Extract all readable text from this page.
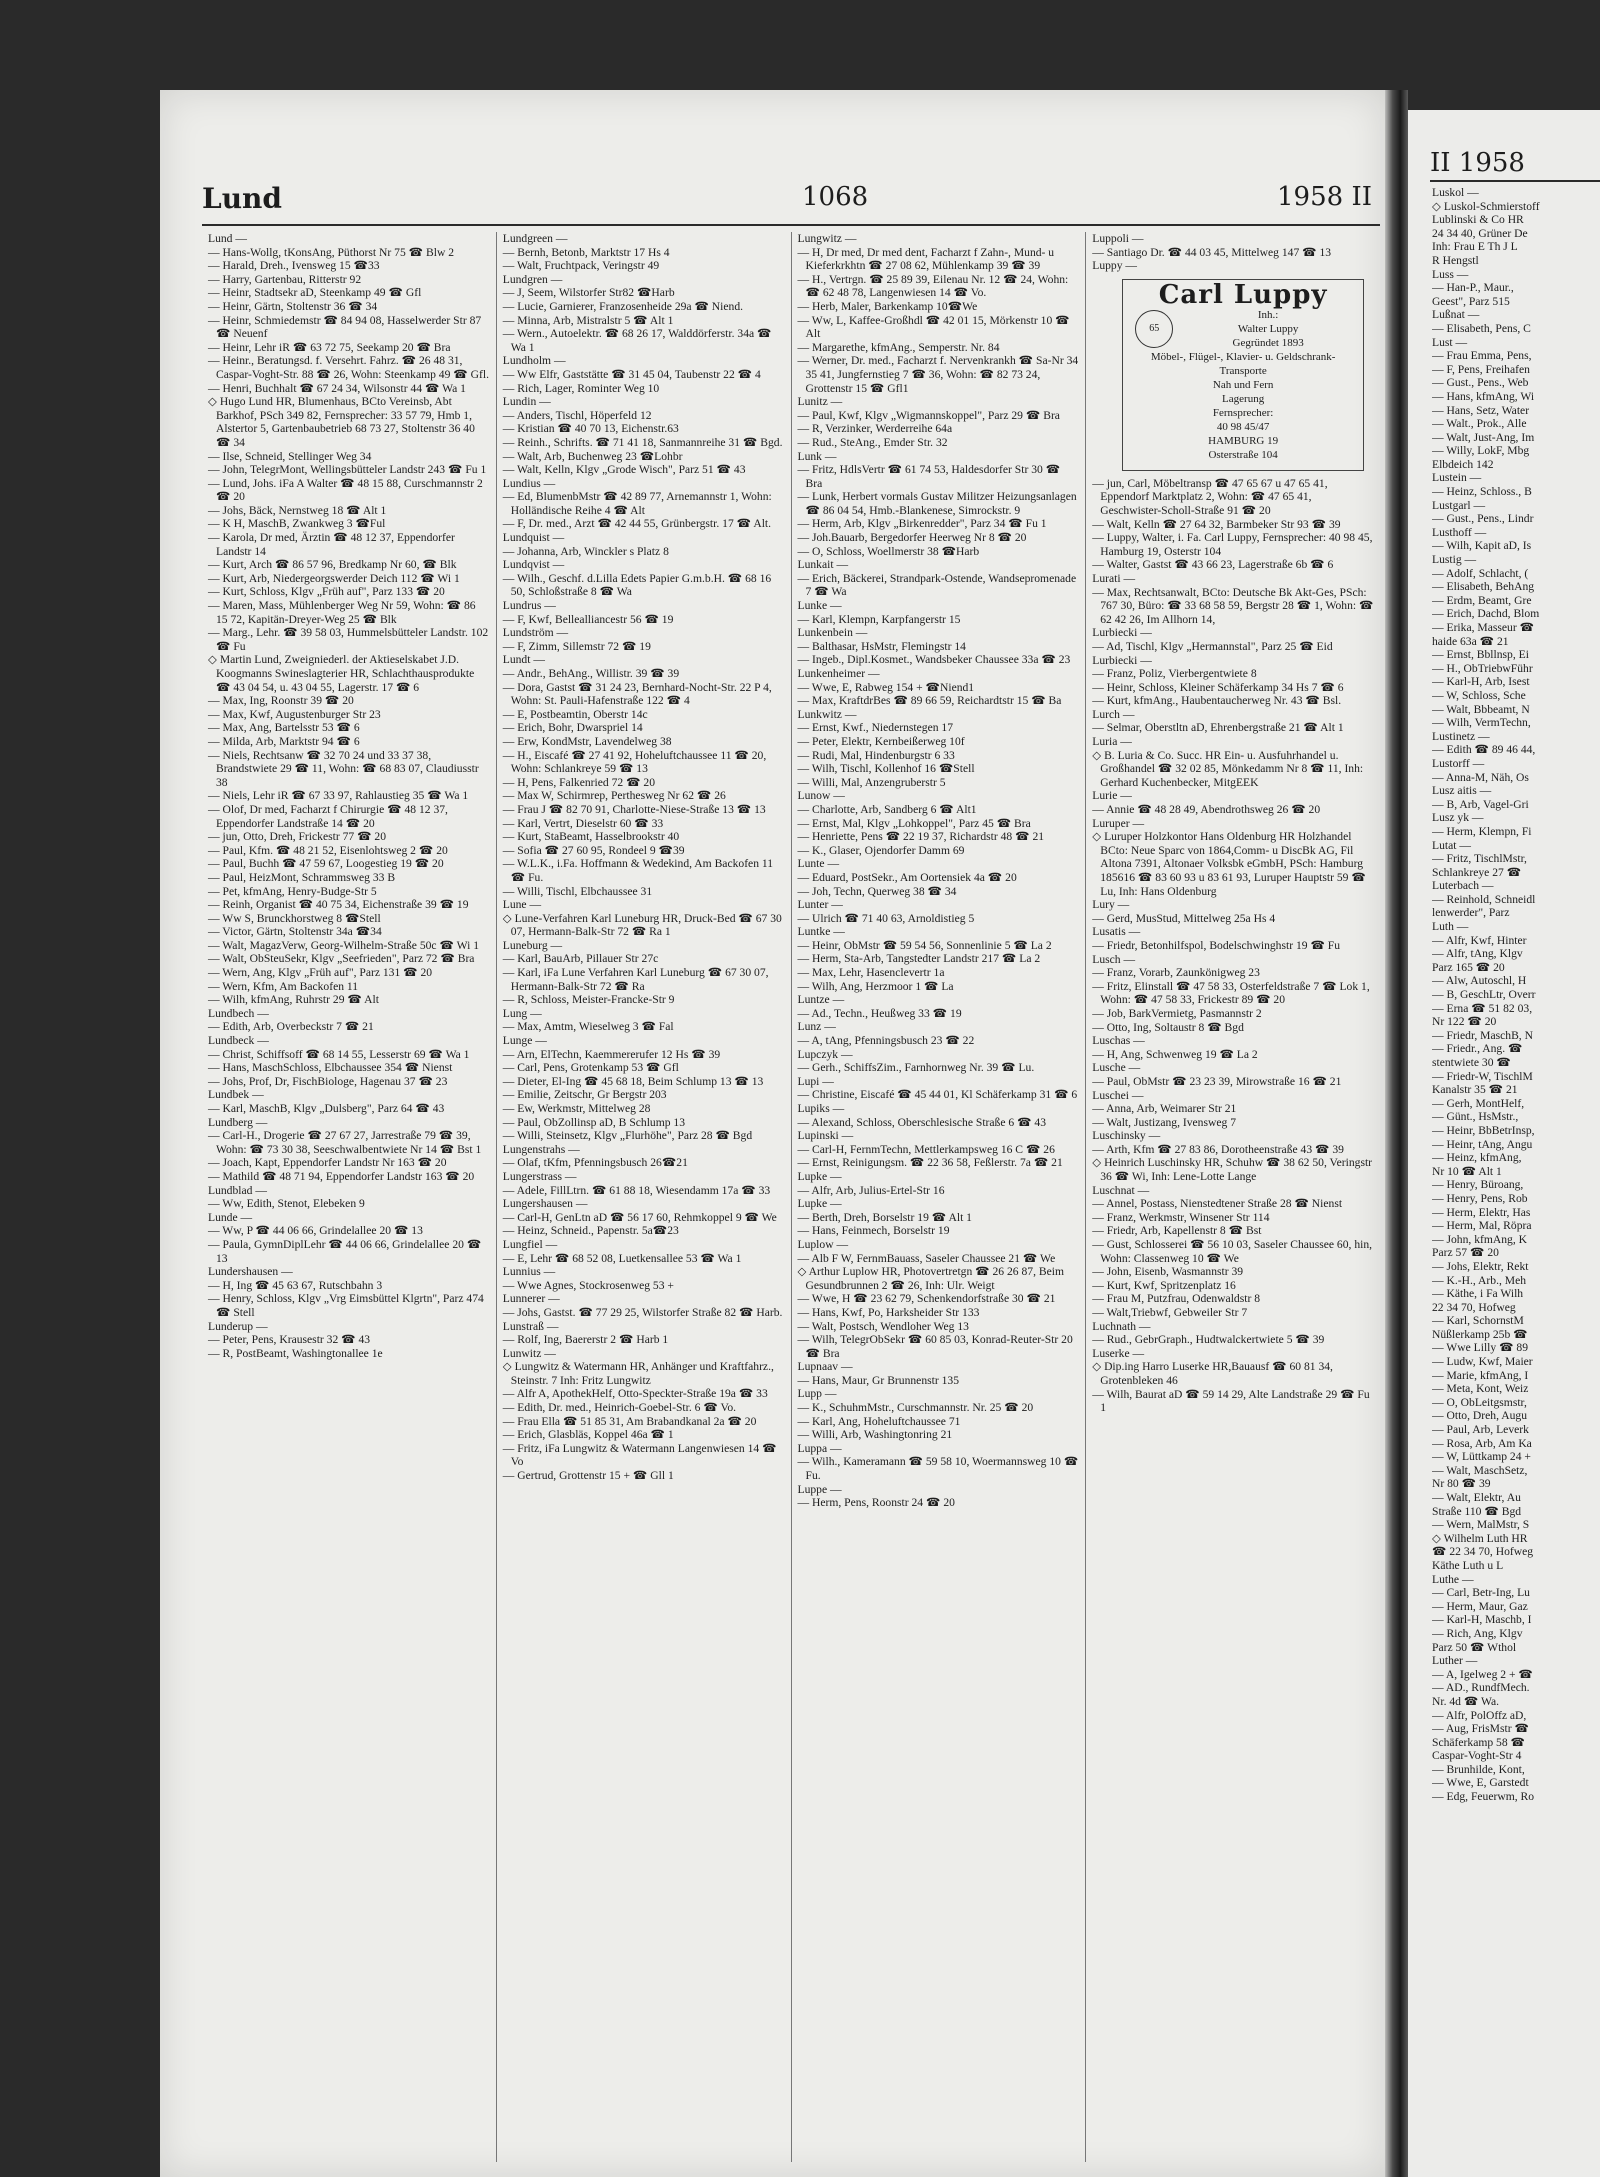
Lund	1068	1958 II

Lund —

— Hans-Wollg, tKonsAng, Püthorst Nr 75 ☎ Blw 2

— Harald, Dreh., Ivensweg 15 ☎33

— Harry, Gartenbau, Ritterstr 92

— Heinr, Stadtsekr aD, Steenkamp 49 ☎ Gfl

— Heinr, Gärtn, Stoltenstr 36 ☎ 34

— Heinr, Schmiedemstr ☎ 84 94 08, Hasselwerder Str 87 ☎ Neuenf

— Heinr, Lehr iR ☎ 63 72 75, Seekamp 20 ☎ Bra

— Heinr., Beratungsd. f. Versehrt. Fahrz. ☎ 26 48 31, Caspar-Voght-Str. 88 ☎ 26, Wohn: Steenkamp 49 ☎ Gfl.

— Henri, Buchhalt ☎ 67 24 34, Wilsonstr 44 ☎ Wa 1

◇ Hugo Lund HR, Blumenhaus, BCto Vereinsb, Abt Barkhof, PSch 349 82, Fernsprecher: 33 57 79, Hmb 1, Alstertor 5, Gartenbaubetrieb 68 73 27, Stoltenstr 36 40 ☎ 34

— Ilse, Schneid, Stellinger Weg 34

— John, TelegrMont, Wellingsbütteler Landstr 243 ☎ Fu 1

— Lund, Johs. iFa A Walter ☎ 48 15 88, Curschmannstr 2 ☎ 20

— Johs, Bäck, Nernstweg 18 ☎ Alt 1

— K H, MaschB, Zwankweg 3 ☎Ful

— Karola, Dr med, Ärztin ☎ 48 12 37, Eppendorfer Landstr 14

— Kurt, Arch ☎ 86 57 96, Bredkamp Nr 60, ☎ Blk

— Kurt, Arb, Niedergeorgswerder Deich 112 ☎ Wi 1

— Kurt, Schloss, Klgv „Früh auf", Parz 133 ☎ 20

— Maren, Mass, Mühlenberger Weg Nr 59, Wohn: ☎ 86 15 72, Kapitän-Dreyer-Weg 25 ☎ Blk

— Marg., Lehr. ☎ 39 58 03, Hummelsbütteler Landstr. 102 ☎ Fu

◇ Martin Lund, Zweigniederl. der Aktieselskabet J.D. Koogmanns Swineslagterier HR, Schlachthausprodukte ☎ 43 04 54, u. 43 04 55, Lagerstr. 17 ☎ 6

— Max, Ing, Roonstr 39 ☎ 20

— Max, Kwf, Augustenburger Str 23

— Max, Ang, Bartelsstr 53 ☎ 6

— Milda, Arb, Marktstr 94 ☎ 6

— Niels, Rechtsanw ☎ 32 70 24 und 33 37 38, Brandstwiete 29 ☎ 11, Wohn: ☎ 68 83 07, Claudiusstr 38

— Niels, Lehr iR ☎ 67 33 97, Rahlaustieg 35 ☎ Wa 1

— Olof, Dr med, Facharzt f Chirurgie ☎ 48 12 37, Eppendorfer Landstraße 14 ☎ 20

— jun, Otto, Dreh, Frickestr 77 ☎ 20

— Paul, Kfm. ☎ 48 21 52, Eisenlohtsweg 2 ☎ 20

— Paul, Buchh ☎ 47 59 67, Loogestieg 19 ☎ 20

— Paul, HeizMont, Schrammsweg 33 B

— Pet, kfmAng, Henry-Budge-Str 5

— Reinh, Organist ☎ 40 75 34, Eichenstraße 39 ☎ 19

— Ww S, Brunckhorstweg 8 ☎Stell

— Victor, Gärtn, Stoltenstr 34a ☎34

— Walt, MagazVerw, Georg-Wilhelm-Straße 50c ☎ Wi 1

— Walt, ObSteuSekr, Klgv „Seefrieden", Parz 72 ☎ Bra

— Wern, Ang, Klgv „Früh auf", Parz 131 ☎ 20

— Wern, Kfm, Am Backofen 11

— Wilh, kfmAng, Ruhrstr 29 ☎ Alt

Lundbech —

— Edith, Arb, Overbeckstr 7 ☎ 21

Lundbeck —

— Christ, Schiffsoff ☎ 68 14 55, Lesserstr 69 ☎ Wa 1

— Hans, MaschSchloss, Elbchaussee 354 ☎ Nienst

— Johs, Prof, Dr, FischBiologe, Hagenau 37 ☎ 23

Lundbek —

— Karl, MaschB, Klgv „Dulsberg", Parz 64 ☎ 43

Lundberg —

— Carl-H., Drogerie ☎ 27 67 27, Jarrestraße 79 ☎ 39, Wohn: ☎ 73 30 38, Seeschwalbentwiete Nr 14 ☎ Bst 1

— Joach, Kapt, Eppendorfer Landstr Nr 163 ☎ 20

— Mathild ☎ 48 71 94, Eppendorfer Landstr 163 ☎ 20

Lundblad —

— Ww, Edith, Stenot, Elebeken 9

Lunde —

— Ww, P ☎ 44 06 66, Grindelallee 20 ☎ 13

— Paula, GymnDiplLehr ☎ 44 06 66, Grindelallee 20 ☎ 13

Lundershausen —

— H, Ing ☎ 45 63 67, Rutschbahn 3

— Henry, Schloss, Klgv „Vrg Eimsbüttel Klgrtn", Parz 474 ☎ Stell

Lunderup —

— Peter, Pens, Krausestr 32 ☎ 43

— R, PostBeamt, Washingtonallee 1e

Lundgreen —

— Bernh, Betonb, Marktstr 17 Hs 4

— Walt, Fruchtpack, Veringstr 49

Lundgren —

— J, Seem, Wilstorfer Str82 ☎Harb

— Lucie, Garnierer, Franzosenheide 29a ☎ Niend.

— Minna, Arb, Mistralstr 5 ☎ Alt 1

— Wern., Autoelektr. ☎ 68 26 17, Walddörferstr. 34a ☎ Wa 1

Lundholm —

— Ww Elfr, Gaststätte ☎ 31 45 04, Taubenstr 22 ☎ 4

— Rich, Lager, Rominter Weg 10

Lundin —

— Anders, Tischl, Höperfeld 12

— Kristian ☎ 40 70 13, Eichenstr.63

— Reinh., Schrifts. ☎ 71 41 18, Sanmannreihe 31 ☎ Bgd.

— Walt, Arb, Buchenweg 23 ☎Lohbr

— Walt, Kelln, Klgv „Grode Wisch", Parz 51 ☎ 43

Lundius —

— Ed, BlumenbMstr ☎ 42 89 77, Arnemannstr 1, Wohn: Holländische Reihe 4 ☎ Alt

— F, Dr. med., Arzt ☎ 42 44 55, Grünbergstr. 17 ☎ Alt.

Lundquist —

— Johanna, Arb, Winckler s Platz 8

Lundqvist —

— Wilh., Geschf. d.Lilla Edets Papier G.m.b.H. ☎ 68 16 50, Schloßstraße 8 ☎ Wa

Lundrus —

— F, Kwf, Bellealliancestr 56 ☎ 19

Lundström —

— F, Zimm, Sillemstr 72 ☎ 19

Lundt —

— Andr., BehAng., Willistr. 39 ☎ 39

— Dora, Gastst ☎ 31 24 23, Bernhard-Nocht-Str. 22 P 4, Wohn: St. Pauli-Hafenstraße 122 ☎ 4

— E, Postbeamtin, Oberstr 14c

— Erich, Bohr, Dwarspriel 14

— Erw, KondMstr, Lavendelweg 38

— H., Eiscafé ☎ 27 41 92, Hoheluftchaussee 11 ☎ 20, Wohn: Schlankreye 59 ☎ 13

— H, Pens, Falkenried 72 ☎ 20

— Max W, Schirmrep, Perthesweg Nr 62 ☎ 26

— Frau J ☎ 82 70 91, Charlotte-Niese-Straße 13 ☎ 13

— Karl, Vertrt, Dieselstr 60 ☎ 33

— Kurt, StaBeamt, Hasselbrookstr 40

— Sofia ☎ 27 60 95, Rondeel 9 ☎39

— W.L.K., i.Fa. Hoffmann & Wedekind, Am Backofen 11 ☎ Fu.

— Willi, Tischl, Elbchaussee 31

Lune —

◇ Lune-Verfahren Karl Luneburg HR, Druck-Bed ☎ 67 30 07, Hermann-Balk-Str 72 ☎ Ra 1

Luneburg —

— Karl, BauArb, Pillauer Str 27c

— Karl, iFa Lune Verfahren Karl Luneburg ☎ 67 30 07, Hermann-Balk-Str 72 ☎ Ra

— R, Schloss, Meister-Francke-Str 9

Lung —

— Max, Amtm, Wieselweg 3 ☎ Fal

Lunge —

— Arn, ElTechn, Kaemmererufer 12 Hs ☎ 39

— Carl, Pens, Grotenkamp 53 ☎ Gfl

— Dieter, El-Ing ☎ 45 68 18, Beim Schlump 13 ☎ 13

— Emilie, Zeitschr, Gr Bergstr 203

— Ew, Werkmstr, Mittelweg 28

— Paul, ObZollinsp aD, B Schlump 13

— Willi, Steinsetz, Klgv „Flurhöhe", Parz 28 ☎ Bgd

Lungenstrahs —

— Olaf, tKfm, Pfenningsbusch 26☎21

Lungerstrass —

— Adele, FillLtrn. ☎ 61 88 18, Wiesendamm 17a ☎ 33

Lungershausen —

— Carl-H, GenLtn aD ☎ 56 17 60, Rehmkoppel 9 ☎ We

— Heinz, Schneid., Papenstr. 5a☎23

Lungfiel —

— E, Lehr ☎ 68 52 08, Luetkensallee 53 ☎ Wa 1

Lunnius —

— Wwe Agnes, Stockrosenweg 53 +

Lunnerer —

— Johs, Gastst. ☎ 77 29 25, Wilstorfer Straße 82 ☎ Harb.

Lunstraß —

— Rolf, Ing, Baererstr 2 ☎ Harb 1

Lunwitz —

◇ Lungwitz & Watermann HR, Anhänger und Kraftfahrz., Steinstr. 7 Inh: Fritz Lungwitz

— Alfr A, ApothekHelf, Otto-Speckter-Straße 19a ☎ 33

— Edith, Dr. med., Heinrich-Goebel-Str. 6 ☎ Vo.

— Frau Ella ☎ 51 85 31, Am Brabandkanal 2a ☎ 20

— Erich, Glasbläs, Koppel 46a ☎ 1

— Fritz, iFa Lungwitz & Watermann Langenwiesen 14 ☎ Vo

— Gertrud, Grottenstr 15 + ☎ Gll 1

Lungwitz —

— H, Dr med, Dr med dent, Facharzt f Zahn-, Mund- u Kieferkrkhtn ☎ 27 08 62, Mühlenkamp 39 ☎ 39

— H., Vertrgn. ☎ 25 89 39, Eilenau Nr. 12 ☎ 24, Wohn: ☎ 62 48 78, Langenwiesen 14 ☎ Vo.

— Herb, Maler, Barkenkamp 10☎We

— Ww, L, Kaffee-Großhdl ☎ 42 01 15, Mörkenstr 10 ☎ Alt

— Margarethe, kfmAng., Semperstr. Nr. 84

— Werner, Dr. med., Facharzt f. Nervenkrankh ☎ Sa-Nr 34 35 41, Jungfernstieg 7 ☎ 36, Wohn: ☎ 82 73 24, Grottenstr 15 ☎ Gfl1

Lunitz —

— Paul, Kwf, Klgv „Wigmannskoppel", Parz 29 ☎ Bra

— R, Verzinker, Werderreihe 64a

— Rud., SteAng., Emder Str. 32

Lunk —

— Fritz, HdlsVertr ☎ 61 74 53, Haldesdorfer Str 30 ☎ Bra

— Lunk, Herbert vormals Gustav Militzer Heizungsanlagen ☎ 86 04 54, Hmb.-Blankenese, Simrockstr. 9

— Herm, Arb, Klgv „Birkenredder", Parz 34 ☎ Fu 1

— Joh.Bauarb, Bergedorfer Heerweg Nr 8 ☎ 20

— O, Schloss, Woellmerstr 38 ☎Harb

Lunkait —

— Erich, Bäckerei, Strandpark-Ostende, Wandsepromenade 7 ☎ Wa

Lunke —

— Karl, Klempn, Karpfangerstr 15

Lunkenbein —

— Balthasar, HsMstr, Flemingstr 14

— Ingeb., Dipl.Kosmet., Wandsbeker Chaussee 33a ☎ 23

Lunkenheimer —

— Wwe, E, Rabweg 154 + ☎Niend1

— Max, KraftdrBes ☎ 89 66 59, Reichardtstr 15 ☎ Ba

Lunkwitz —

— Ernst, Kwf., Niedernstegen 17

— Peter, Elektr, Kernbeißerweg 10f

— Rudi, Mal, Hindenburgstr 6 33

— Wilh, Tischl, Kollenhof 16 ☎Stell

— Willi, Mal, Anzengruberstr 5

Lunow —

— Charlotte, Arb, Sandberg 6 ☎ Alt1

— Ernst, Mal, Klgv „Lohkoppel", Parz 45 ☎ Bra

— Henriette, Pens ☎ 22 19 37, Richardstr 48 ☎ 21

— K., Glaser, Ojendorfer Damm 69

Lunte —

— Eduard, PostSekr., Am Oortensiek 4a ☎ 20

— Joh, Techn, Querweg 38 ☎ 34

Lunter —

— Ulrich ☎ 71 40 63, Arnoldistieg 5

Luntke —

— Heinr, ObMstr ☎ 59 54 56, Sonnenlinie 5 ☎ La 2

— Herm, Sta-Arb, Tangstedter Landstr 217 ☎ La 2

— Max, Lehr, Hasenclevertr 1a

— Wilh, Ang, Herzmoor 1 ☎ La

Luntze —

— Ad., Techn., Heußweg 33 ☎ 19

Lunz —

— A, tAng, Pfenningsbusch 23 ☎ 22

Lupczyk —

— Gerh., SchiffsZim., Farnhornweg Nr. 39 ☎ Lu.

Lupi —

— Christine, Eiscafé ☎ 45 44 01, Kl Schäferkamp 31 ☎ 6

Lupiks —

— Alexand, Schloss, Oberschlesische Straße 6 ☎ 43

Lupinski —

— Carl-H, FernmTechn, Mettlerkampsweg 16 C ☎ 26

— Ernst, Reinigungsm. ☎ 22 36 58, Feßlerstr. 7a ☎ 21

Lupke —

— Alfr, Arb, Julius-Ertel-Str 16

Lupke —

— Berth, Dreh, Borselstr 19 ☎ Alt 1

— Hans, Feinmech, Borselstr 19

Luplow —

— Alb F W, FernmBauass, Saseler Chaussee 21 ☎ We

◇ Arthur Luplow HR, Photovertretgn ☎ 26 26 87, Beim Gesundbrunnen 2 ☎ 26, Inh: Ulr. Weigt

— Wwe, H ☎ 23 62 79, Schenkendorfstraße 30 ☎ 21

— Hans, Kwf, Po, Harksheider Str 133

— Walt, Postsch, Wendloher Weg 13

— Wilh, TelegrObSekr ☎ 60 85 03, Konrad-Reuter-Str 20 ☎ Bra

Lupnaav —

— Hans, Maur, Gr Brunnenstr 135

Lupp —

— K., SchuhmMstr., Curschmannstr. Nr. 25 ☎ 20

— Karl, Ang, Hoheluftchaussee 71

— Willi, Arb, Washingtonring 21

Luppa —

— Wilh., Kameramann ☎ 59 58 10, Woermannsweg 10 ☎ Fu.

Luppe —

— Herm, Pens, Roonstr 24 ☎ 20

Luppoli —

— Santiago Dr. ☎ 44 03 45, Mittelweg 147 ☎ 13

Luppy —

Carl Luppy
65
Inh.:
Walter Luppy
Gegründet 1893
Möbel-, Flügel-, Klavier- u. Geldschrank-Transporte
Nah und Fern
Lagerung
Fernsprecher:
40 98 45/47
HAMBURG 19
Osterstraße 104

— jun, Carl, Möbeltransp ☎ 47 65 67 u 47 65 41, Eppendorf Marktplatz 2, Wohn: ☎ 47 65 41, Geschwister-Scholl-Straße 91 ☎ 20

— Walt, Kelln ☎ 27 64 32, Barmbeker Str 93 ☎ 39

— Luppy, Walter, i. Fa. Carl Luppy, Fernsprecher: 40 98 45, Hamburg 19, Osterstr 104

— Walter, Gastst ☎ 43 66 23, Lagerstraße 6b ☎ 6

Lurati —

— Max, Rechtsanwalt, BCto: Deutsche Bk Akt-Ges, PSch: 767 30, Büro: ☎ 33 68 58 59, Bergstr 28 ☎ 1, Wohn: ☎ 62 42 26, Im Allhorn 14,

Lurbiecki —

— Ad, Tischl, Klgv „Hermannstal", Parz 25 ☎ Eid

Lurbiecki —

— Franz, Poliz, Vierbergentwiete 8

— Heinr, Schloss, Kleiner Schäferkamp 34 Hs 7 ☎ 6

— Kurt, kfmAng., Haubentaucherweg Nr. 43 ☎ Bsl.

Lurch —

— Selmar, Oberstltn aD, Ehrenbergstraße 21 ☎ Alt 1

Luria —

◇ B. Luria & Co. Succ. HR Ein- u. Ausfuhrhandel u. Großhandel ☎ 32 02 85, Mönkedamm Nr 8 ☎ 11, Inh: Gerhard Kuchenbecker, MitgEEK

Lurie —

— Annie ☎ 48 28 49, Abendrothsweg 26 ☎ 20

Luruper —

◇ Luruper Holzkontor Hans Oldenburg HR Holzhandel BCto: Neue Sparc von 1864,Comm- u DiscBk AG, Fil Altona 7391, Altonaer Volksbk eGmbH, PSch: Hamburg 185616 ☎ 83 60 93 u 83 61 93, Luruper Hauptstr 59 ☎ Lu, Inh: Hans Oldenburg

Lury —

— Gerd, MusStud, Mittelweg 25a Hs 4

Lusatis —

— Friedr, Betonhilfspol, Bodelschwinghstr 19 ☎ Fu

Lusch —

— Franz, Vorarb, Zaunkönigweg 23

— Fritz, Elinstall ☎ 47 58 33, Osterfeldstraße 7 ☎ Lok 1, Wohn: ☎ 47 58 33, Frickestr 89 ☎ 20

— Job, BarkVermietg, Pasmannstr 2

— Otto, Ing, Soltaustr 8 ☎ Bgd

Luschas —

— H, Ang, Schwenweg 19 ☎ La 2

Lusche —

— Paul, ObMstr ☎ 23 23 39, Mirowstraße 16 ☎ 21

Luschei —

— Anna, Arb, Weimarer Str 21

— Walt, Justizang, Ivensweg 7

Luschinsky —

— Arth, Kfm ☎ 27 83 86, Dorotheenstraße 43 ☎ 39

◇ Heinrich Luschinsky HR, Schuhw ☎ 38 62 50, Veringstr 36 ☎ Wi, Inh: Lene-Lotte Lange

Luschnat —

— Annel, Postass, Nienstedtener Straße 28 ☎ Nienst

— Franz, Werkmstr, Winsener Str 114

— Friedr, Arb, Kapellenstr 8 ☎ Bst

— Gust, Schlosserei ☎ 56 10 03, Saseler Chaussee 60, hin, Wohn: Classenweg 10 ☎ We

— John, Eisenb, Wasmannstr 39

— Kurt, Kwf, Spritzenplatz 16

— Frau M, Putzfrau, Odenwaldstr 8

— Walt,Triebwf, Gebweiler Str 7

Luchnath —

— Rud., GebrGraph., Hudtwalckertwiete 5 ☎ 39

Luserke —

◇ Dip.ing Harro Luserke HR,Bauausf ☎ 60 81 34, Grotenbleken 46

— Wilh, Baurat aD ☎ 59 14 29, Alte Landstraße 29 ☎ Fu 1

II 1958
Luskol —
◇ Luskol-Schmierstoff
Lublinski & Co HR
24 34 40, Grüner De
Inh: Frau E Th J L
R Hengstl
Luss —
— Han-P., Maur.,
Geest", Parz 515
Lußnat —
— Elisabeth, Pens, C
Lust —
— Frau Emma, Pens,
— F, Pens, Freihafen
— Gust., Pens., Web
— Hans, kfmAng, Wi
— Hans, Setz, Water
— Walt., Prok., Alle
— Walt, Just-Ang, Im
— Willy, LokF, Mbg
Elbdeich 142
Lustein —
— Heinz, Schloss., B
Lustgarl —
— Gust., Pens., Lindr
Lusthoff —
— Wilh, Kapit aD, Is
Lustig —
— Adolf, Schlacht, (
— Elisabeth, BehAng
— Erdm, Beamt, Gre
— Erich, Dachd, Blom
— Erika, Masseur ☎
haide 63a ☎ 21
— Ernst, Bbllnsp, Ei
— H., ObTriebwFühr
— Karl-H, Arb, Isest
— W, Schloss, Sche
— Walt, Bbbeamt, N
— Wilh, VermTechn,
Lustinetz —
— Edith ☎ 89 46 44,
Lustorff —
— Anna-M, Näh, Os
Lusz aitis —
— B, Arb, Vagel-Gri
Lusz yk —
— Herm, Klempn, Fi
Lutat —
— Fritz, TischlMstr,
Schlankreye 27 ☎
Luterbach —
— Reinhold, Schneidl
lenwerder", Parz
Luth —
— Alfr, Kwf, Hinter
— Alfr, tAng, Klgv
Parz 165 ☎ 20
— Alw, Autoschl, H
— B, GeschLtr, Overr
— Erna ☎ 51 82 03,
Nr 122 ☎ 20
— Friedr, MaschB, N
— Friedr., Ang. ☎
stentwiete 30 ☎
— Friedr-W, TischlM
Kanalstr 35 ☎ 21
— Gerh, MontHelf,
— Günt., HsMstr.,
— Heinr, BbBetrInsp,
— Heinr, tAng, Angu
— Heinz, kfmAng,
Nr 10 ☎ Alt 1
— Henry, Büroang,
— Henry, Pens, Rob
— Herm, Elektr, Has
— Herm, Mal, Röpra
— John, kfmAng, K
Parz 57 ☎ 20
— Johs, Elektr, Rekt
— K.-H., Arb., Meh
— Käthe, i Fa Wilh
22 34 70, Hofweg
— Karl, SchornstM
Nüßlerkamp 25b ☎
— Wwe Lilly ☎ 89
— Ludw, Kwf, Maier
— Marie, kfmAng, I
— Meta, Kont, Weiz
— O, ObLeitgsmstr,
— Otto, Dreh, Augu
— Paul, Arb, Leverk
— Rosa, Arb, Am Ka
— W, Lüttkamp 24 +
— Walt, MaschSetz,
Nr 80 ☎ 39
— Walt, Elektr, Au
Straße 110 ☎ Bgd
— Wern, MalMstr, S
◇ Wilhelm Luth HR
☎ 22 34 70, Hofweg
Käthe Luth u L
Luthe —
— Carl, Betr-Ing, Lu
— Herm, Maur, Gaz
— Karl-H, Maschb, I
— Rich, Ang, Klgv
Parz 50 ☎ Wthol
Luther —
— A, Igelweg 2 + ☎
— AD., RundfMech.
Nr. 4d ☎ Wa.
— Alfr, PolOffz aD,
— Aug, FrisMstr ☎
Schäferkamp 58 ☎
Caspar-Voght-Str 4
— Brunhilde, Kont,
— Wwe, E, Garstedt
— Edg, Feuerwm, Ro
